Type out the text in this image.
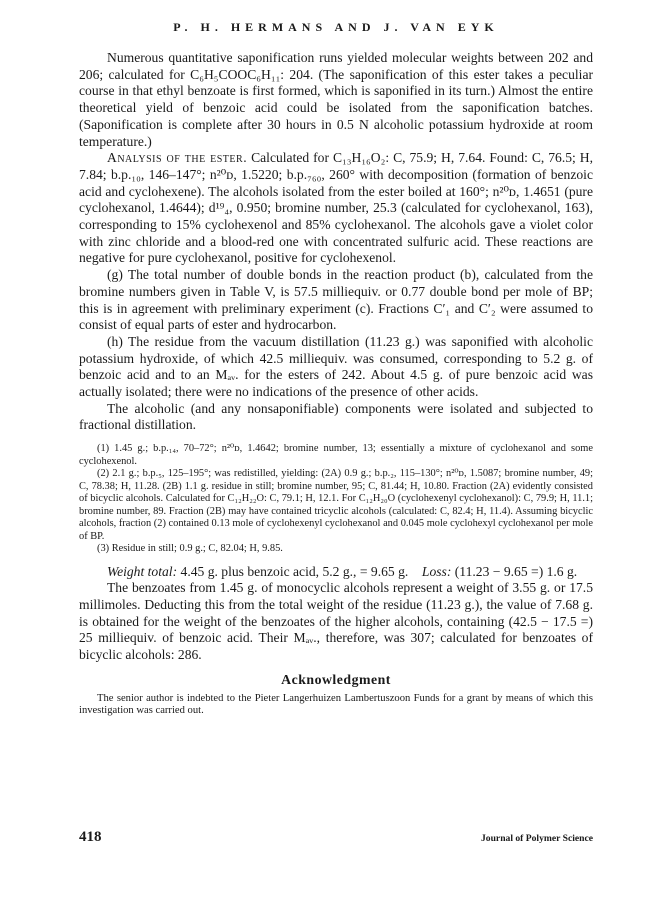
P. H. HERMANS AND J. VAN EYK

Numerous quantitative saponification runs yielded molecular weights between 202 and 206; calculated for C₆H₅COOC₆H₁₁: 204. (The saponification of this ester takes a peculiar course in that ethyl benzoate is first formed, which is saponified in its turn.) Almost the entire theoretical yield of benzoic acid could be isolated from the saponification batches. (Saponification is complete after 30 hours in 0.5 N alcoholic potassium hydroxide at room temperature.)

Analysis of the ester. Calculated for C₁₃H₁₆O₂: C, 75.9; H, 7.64. Found: C, 76.5; H, 7.84; b.p.₁₀, 146–147°; n²⁰ᴅ, 1.5220; b.p.₇₆₀, 260° with decomposition (formation of benzoic acid and cyclohexene). The alcohols isolated from the ester boiled at 160°; n²⁰ᴅ, 1.4651 (pure cyclohexanol, 1.4644); d¹⁹₄, 0.950; bromine number, 25.3 (calculated for cyclohexanol, 163), corresponding to 15% cyclohexenol and 85% cyclohexanol. The alcohols gave a violet color with zinc chloride and a blood-red one with concentrated sulfuric acid. These reactions are negative for pure cyclohexanol, positive for cyclohexenol.

(g) The total number of double bonds in the reaction product (b), calculated from the bromine numbers given in Table V, is 57.5 milliequiv. or 0.77 double bond per mole of BP; this is in agreement with preliminary experiment (c). Fractions C′₁ and C′₂ were assumed to consist of equal parts of ester and hydrocarbon.

(h) The residue from the vacuum distillation (11.23 g.) was saponified with alcoholic potassium hydroxide, of which 42.5 milliequiv. was consumed, corresponding to 5.2 g. of benzoic acid and to an Mₐᵥ. for the esters of 242. About 4.5 g. of pure benzoic acid was actually isolated; there were no indications of the presence of other acids.

The alcoholic (and any nonsaponifiable) components were isolated and subjected to fractional distillation.

(1) 1.45 g.; b.p.₁₄, 70–72°; n²⁰ᴅ, 1.4642; bromine number, 13; essentially a mixture of cyclohexanol and some cyclohexenol.

(2) 2.1 g.; b.p.₅, 125–195°; was redistilled, yielding: (2A) 0.9 g.; b.p.₂, 115–130°; n²⁰ᴅ, 1.5087; bromine number, 49; C, 78.38; H, 11.28. (2B) 1.1 g. residue in still; bromine number, 95; C, 81.44; H, 10.80. Fraction (2A) evidently consisted of bicyclic alcohols. Calculated for C₁₂H₂₂O: C, 79.1; H, 12.1. For C₁₂H₂₀O (cyclohexenyl cyclohexanol): C, 79.9; H, 11.1; bromine number, 89. Fraction (2B) may have contained tricyclic alcohols (calculated: C, 82.4; H, 11.4). Assuming bicyclic alcohols, fraction (2) contained 0.13 mole of cyclohexenyl cyclohexanol and 0.045 mole cyclohexyl cyclohexanol per mole of BP.

(3) Residue in still; 0.9 g.; C, 82.04; H, 9.85.

Weight total: 4.45 g. plus benzoic acid, 5.2 g., = 9.65 g. Loss: (11.23 − 9.65 =) 1.6 g.

The benzoates from 1.45 g. of monocyclic alcohols represent a weight of 3.55 g. or 17.5 millimoles. Deducting this from the total weight of the residue (11.23 g.), the value of 7.68 g. is obtained for the weight of the benzoates of the higher alcohols, containing (42.5 − 17.5 =) 25 milliequiv. of benzoic acid. Their Mₐᵥ., therefore, was 307; calculated for benzoates of bicyclic alcohols: 286.

Acknowledgment

The senior author is indebted to the Pieter Langerhuizen Lambertuszoon Funds for a grant by means of which this investigation was carried out.

418	Journal of Polymer Science
